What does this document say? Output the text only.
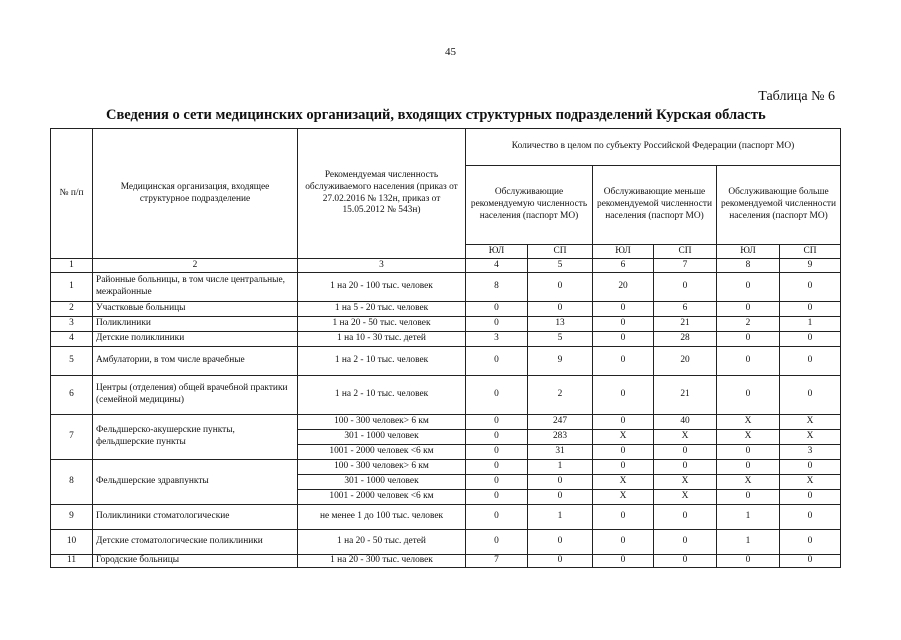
45
Таблица № 6
Сведения о сети медицинских организаций, входящих структурных подразделений Курская область
№ п/п	Медицинская организация, входящее структурное подразделение	Рекомендуемая численность обслуживаемого населения (приказ от 27.02.2016 № 132н, приказ от 15.05.2012 № 543н)	Количество в целом по субъекту Российской Федерации (паспорт МО)					
			Обслуживающие рекомендуемую численность населения (паспорт МО)		Обслуживающие меньше рекомендуемой численности населения (паспорт МО)		Обслуживающие больше рекомендуемой численности населения (паспорт МО)	
			ЮЛ	СП	ЮЛ	СП	ЮЛ	СП
1	2	3	4	5	6	7	8	9
1	Районные больницы, в том числе центральные, межрайонные	1 на 20 - 100 тыс. человек	8	0	20	0	0	0
2	Участковые больницы	1 на 5 - 20 тыс. человек	0	0	0	6	0	0
3	Поликлиники	1 на 20 - 50 тыс. человек	0	13	0	21	2	1
4	Детские поликлиники	1 на 10 - 30 тыс. детей	3	5	0	28	0	0
5	Амбулатории, в том числе врачебные	1 на 2 - 10 тыс. человек	0	9	0	20	0	0
6	Центры (отделения) общей врачебной практики (семейной медицины)	1 на 2 - 10 тыс. человек	0	2	0	21	0	0
7	Фельдшерско-акушерские пункты, фельдшерские пункты	100 - 300 человек> 6 км	0	247	0	40	Х	Х
		301 - 1000 человек	0	283	Х	Х	Х	Х
		1001 - 2000 человек <6 км	0	31	0	0	0	3
8	Фельдшерские здравпункты	100 - 300 человек> 6 км	0	1	0	0	0	0
		301 - 1000 человек	0	0	Х	Х	Х	Х
		1001 - 2000 человек <6 км	0	0	Х	Х	0	0
9	Поликлиники стоматологические	не менее 1 до 100 тыс. человек	0	1	0	0	1	0
10	Детские стоматологические поликлиники	1 на 20 - 50 тыс. детей	0	0	0	0	1	0
11	Городские больницы	1 на 20 - 300 тыс. человек	7	0	0	0	0	0
